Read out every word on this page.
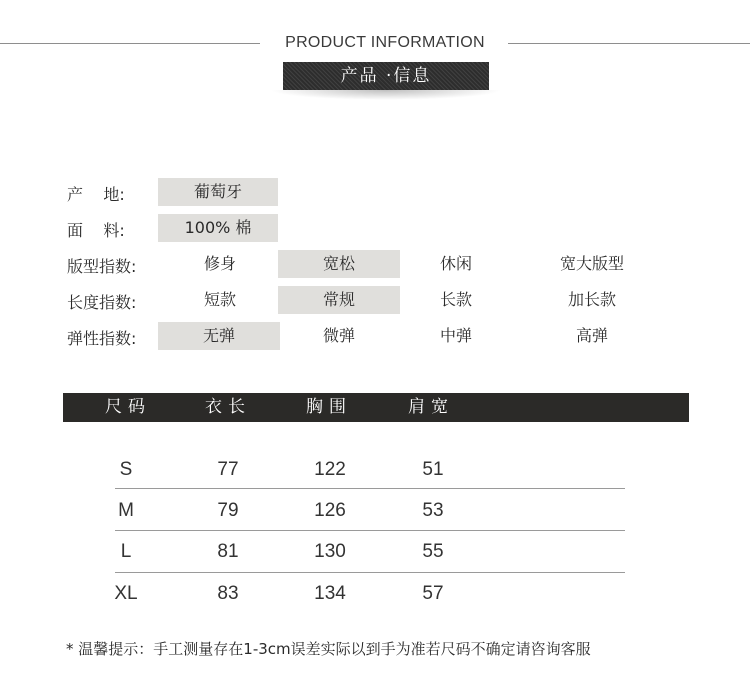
PRODUCT INFORMATION
产品 ·信息
产    地:	葡萄牙
面    料:	100% 棉
版型指数:	修身	宽松	休闲	宽大版型
长度指数:	短款	常规	长款	加长款
弹性指数:	无弹	微弹	中弹	高弹
尺码	衣长	胸围	肩宽
S	77	122	51
M	79	126	53
L	81	130	55
XL	83	134	57
* 温馨提示：手工测量存在1-3cm误差实际以到手为准若尺码不确定请咨询客服
